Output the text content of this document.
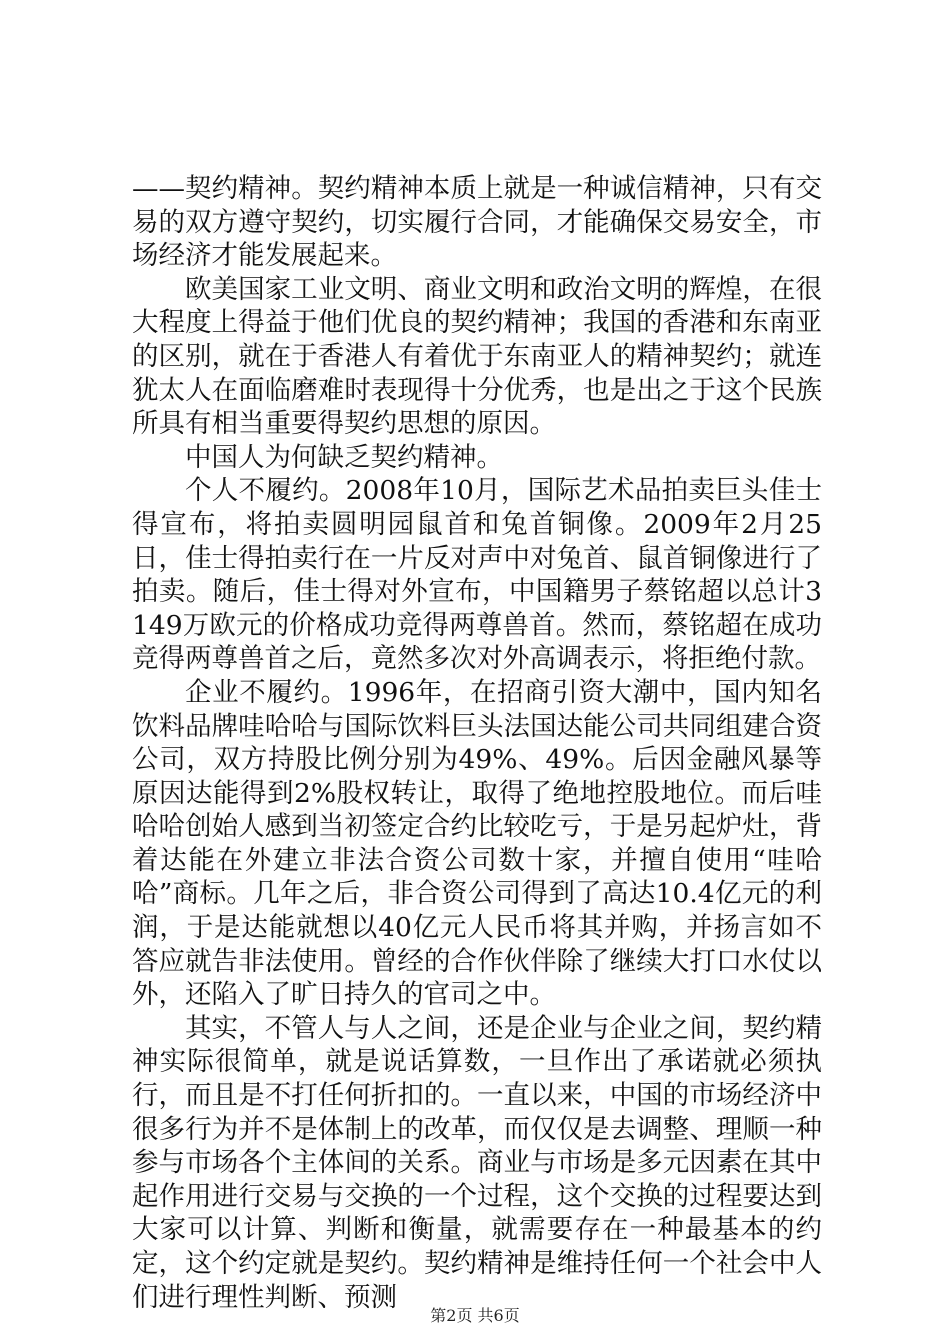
——契约精神。契约精神本质上就是一种诚信精神，只有交易的双方遵守契约，切实履行合同，才能确保交易安全，市场经济才能发展起来。

欧美国家工业文明、商业文明和政治文明的辉煌，在很大程度上得益于他们优良的契约精神；我国的香港和东南亚的区别，就在于香港人有着优于东南亚人的精神契约；就连犹太人在面临磨难时表现得十分优秀，也是出之于这个民族所具有相当重要得契约思想的原因。

中国人为何缺乏契约精神。

个人不履约。2008年10月，国际艺术品拍卖巨头佳士得宣布，将拍卖圆明园鼠首和兔首铜像。2009年2月25日，佳士得拍卖行在一片反对声中对兔首、鼠首铜像进行了拍卖。随后，佳士得对外宣布，中国籍男子蔡铭超以总计3149万欧元的价格成功竞得两尊兽首。然而，蔡铭超在成功竞得两尊兽首之后，竟然多次对外高调表示，将拒绝付款。

企业不履约。1996年，在招商引资大潮中，国内知名饮料品牌哇哈哈与国际饮料巨头法国达能公司共同组建合资公司，双方持股比例分别为49%、49%。后因金融风暴等原因达能得到2%股权转让，取得了绝地控股地位。而后哇哈哈创始人感到当初签定合约比较吃亏，于是另起炉灶，背着达能在外建立非法合资公司数十家，并擅自使用“哇哈哈”商标。几年之后，非合资公司得到了高达10.4亿元的利润，于是达能就想以40亿元人民币将其并购，并扬言如不答应就告非法使用。曾经的合作伙伴除了继续大打口水仗以外，还陷入了旷日持久的官司之中。

其实，不管人与人之间，还是企业与企业之间，契约精神实际很简单，就是说话算数，一旦作出了承诺就必须执行，而且是不打任何折扣的。一直以来，中国的市场经济中很多行为并不是体制上的改革，而仅仅是去调整、理顺一种参与市场各个主体间的关系。商业与市场是多元因素在其中起作用进行交易与交换的一个过程，这个交换的过程要达到大家可以计算、判断和衡量，就需要存在一种最基本的约定，这个约定就是契约。契约精神是维持任何一个社会中人们进行理性判断、预测

第2页 共6页
